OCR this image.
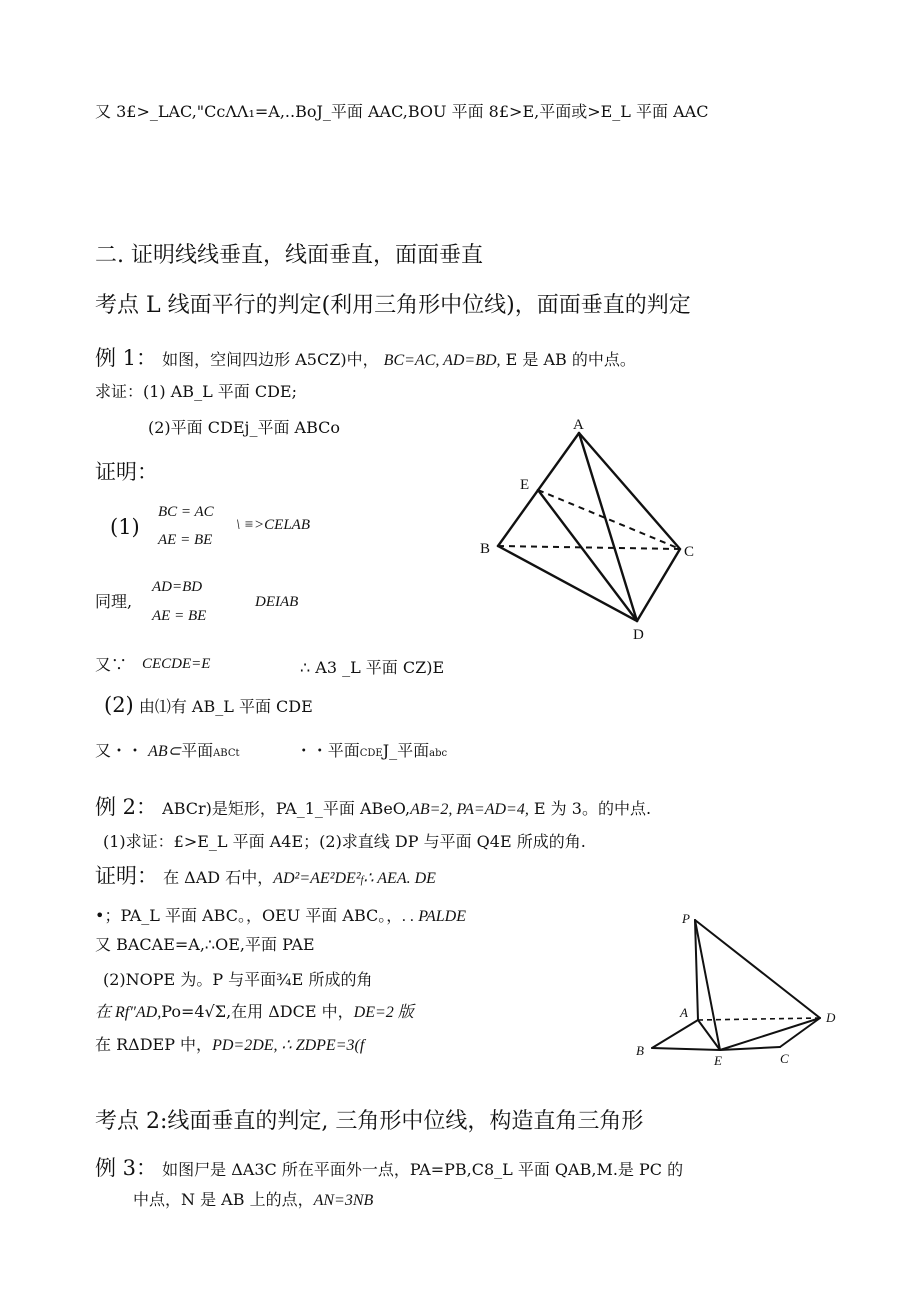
又 3£>_LAC,"CcΛΛ₁=A,..BoJ_平面 AAC,BOU 平面 8£>E,平面或>E_L 平面 AAC
二. 证明线线垂直，线面垂直，面面垂直
考点 L 线面平行的判定(利用三角形中位线)，面面垂直的判定
例 1： 如图，空间四边形 A5CZ)中， BC=AC, AD=BD, E 是 AB 的中点。
求证：(1) AB_L 平面 CDE;
(2)平面 CDEj_平面 ABCo
证明：
(1)
BC = AC
AE = BE
\ ≡>CELAB
同理,
AD=BD
AE = BE
DEIAB
又∵ CECDE=E	∴ A3 _L 平面 CZ)E
(2) 由⑴有 AB_L 平面 CDE
又・・ AB⊂平面ABCt	・・平面CDEJ_平面abc
A
B	C
D
E
例 2： ABCr)是矩形，PA_1_平面 ABeO,AB=2, PA=AD=4, E 为 3。的中点.
(1)求证：£>E_L 平面 A4E；(2)求直线 DP 与平面 Q4E 所成的角.
证明： 在 ΔAD 石中，AD²=AE²DE²f∴ AEA. DE
•；PA_L 平面 ABC。，OEU 平面 ABC。，. . PALDE
又 BACAE=A,∴OE,平面 PAE
(2)NOPE 为。P 与平面¾E 所成的角
在 Rf″AD,Po=4√Σ,在用 ΔDCE 中，DE=2 版
在 RΔDEP 中，PD=2DE, ∴ ZDPE=3(f
P
A
B
C
D
E
考点 2:线面垂直的判定, 三角形中位线，构造直角三角形
例 3： 如图尸是 ΔA3C 所在平面外一点，PA=PB,C8_L 平面 QAB,M.是 PC 的
中点，N 是 AB 上的点，AN=3NB
